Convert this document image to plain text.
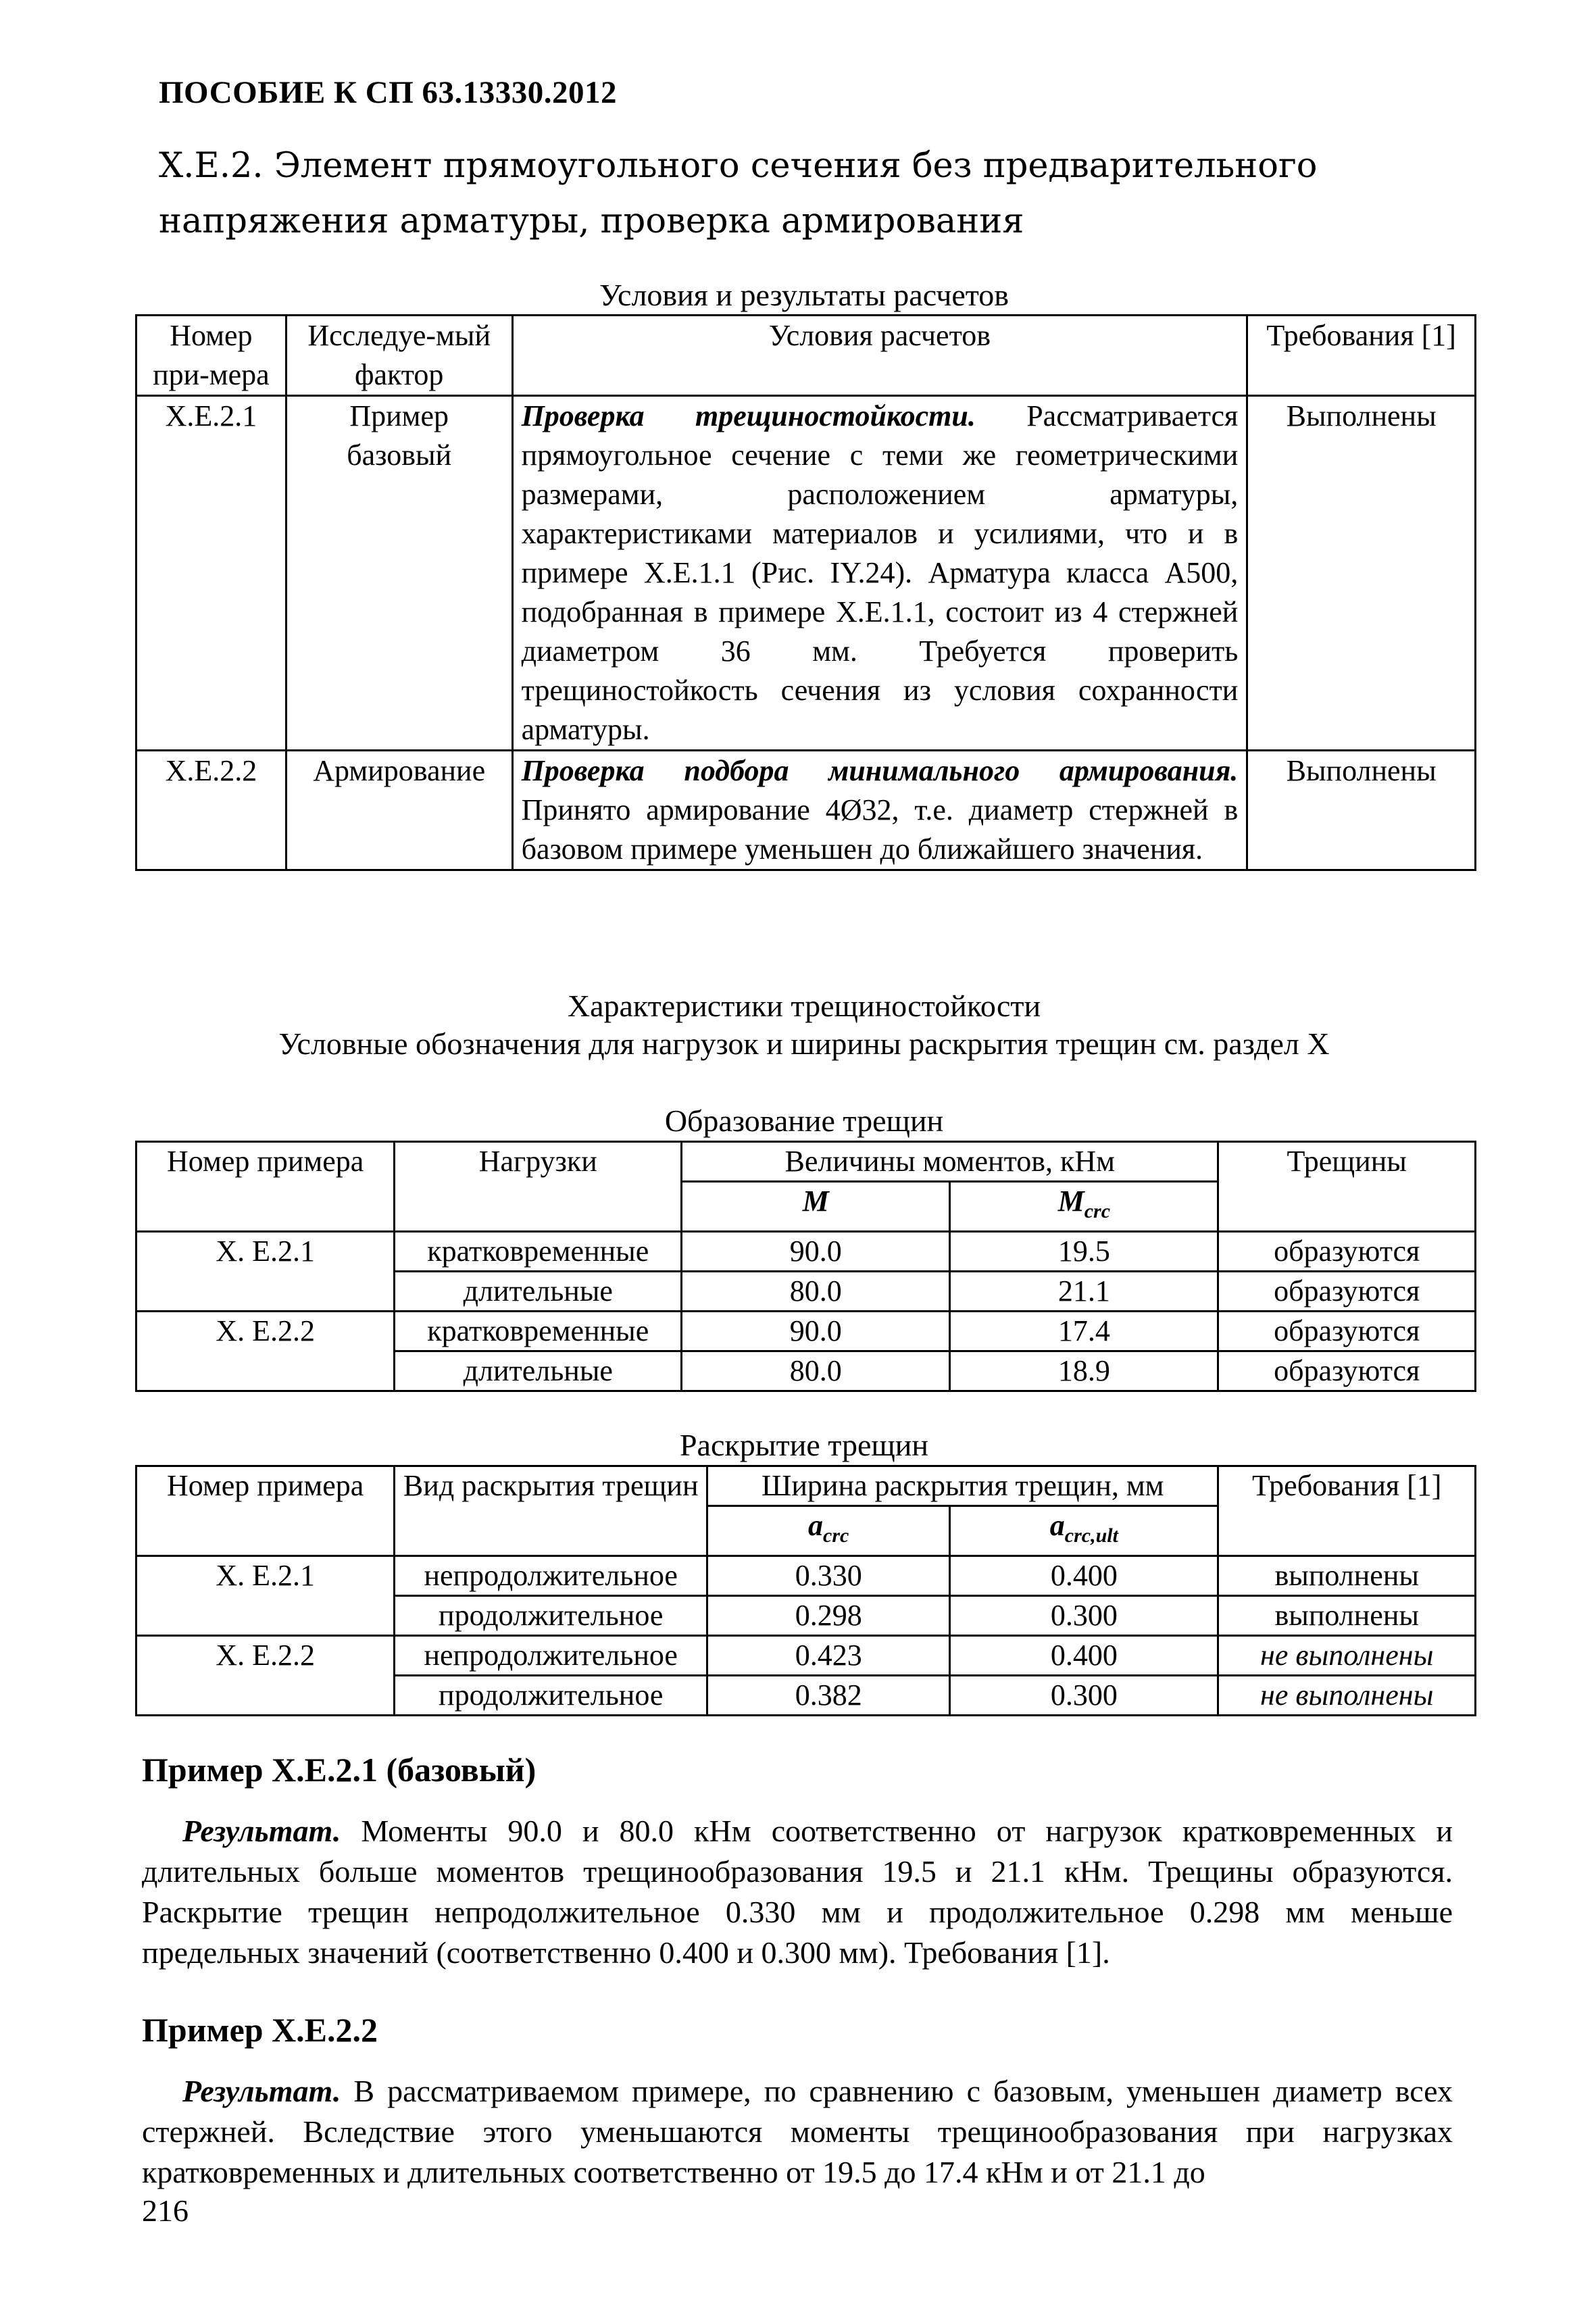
ПОСОБИЕ К СП 63.13330.2012
Х.Е.2. Элемент прямоугольного сечения без предварительного напряжения арматуры, проверка армирования
Условия и результаты расчетов
Номер при-мера	Исследуе-мый фактор	Условия расчетов	Требования [1]
Х.Е.2.1	Пример базовый	Проверка трещиностойкости. Рассматривается прямоугольное сечение с теми же геометрическими размерами, расположением арматуры, характеристиками материалов и усилиями, что и в примере Х.Е.1.1 (Рис. ΙΥ.24). Арматура класса А500, подобранная в примере Х.Е.1.1, состоит из 4 стержней диаметром 36 мм. Требуется проверить трещиностойкость сечения из условия сохранности арматуры.	Выполнены
Х.Е.2.2	Армирование	Проверка подбора минимального армирования. Принято армирование 4Ø32, т.е. диаметр стержней в базовом примере уменьшен до ближайшего значения.	Выполнены
Характеристики трещиностойкости
Условные обозначения для нагрузок и ширины раскрытия трещин см. раздел Х
Образование трещин
Номер примера	Нагрузки	Величины моментов, кНм		Трещины
		M	$M_{crc}$
Х. Е.2.1	кратковременные	90.0	19.5	образуются
	длительные	80.0	21.1	образуются
Х. Е.2.2	кратковременные	90.0	17.4	образуются
	длительные	80.0	18.9	образуются
Раскрытие трещин
Номер примера	Вид раскрытия трещин	Ширина раскрытия трещин, мм		Требования [1]
		$a_{crc}$	$a_{crc,ult}$
Х. Е.2.1	непродолжительное	0.330	0.400	выполнены
	продолжительное	0.298	0.300	выполнены
Х. Е.2.2	непродолжительное	0.423	0.400	не выполнены
	продолжительное	0.382	0.300	не выполнены
Пример Х.Е.2.1 (базовый)

Результат. Моменты 90.0 и 80.0 кНм соответственно от нагрузок кратковременных и длительных больше моментов трещинообразования 19.5 и 21.1 кНм. Трещины образуются. Раскрытие трещин непродолжительное 0.330 мм и продолжительное 0.298 мм меньше предельных значений (соответственно 0.400 и 0.300 мм). Требования [1].

Пример Х.Е.2.2

Результат. В рассматриваемом примере, по сравнению с базовым, уменьшен диаметр всех стержней. Вследствие этого уменьшаются моменты трещинообразования при нагрузках кратковременных и длительных соответственно от 19.5 до 17.4 кНм и от 21.1 до

216
